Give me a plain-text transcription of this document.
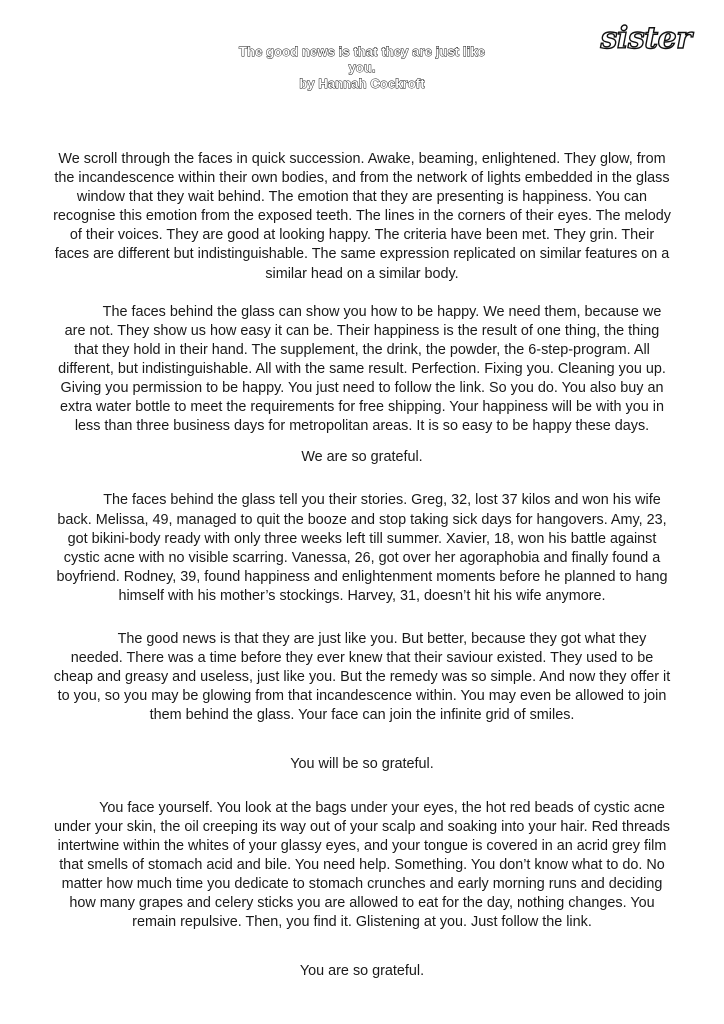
sister
The good news is that they are just like
you.
by Hannah Cockroft

We scroll through the faces in quick succession. Awake, beaming, enlightened. They glow, from the incandescence within their own bodies, and from the network of lights embedded in the glass window that they wait behind. The emotion that they are presenting is happiness. You can recognise this emotion from the exposed teeth. The lines in the corners of their eyes. The melody of their voices. They are good at looking happy. The criteria have been met. They grin. Their faces are different but indistinguishable. The same expression replicated on similar features on a similar head on a similar body.

The faces behind the glass can show you how to be happy. We need them, because we are not. They show us how easy it can be. Their happiness is the result of one thing, the thing that they hold in their hand. The supplement, the drink, the powder, the 6-step-program. All different, but indistinguishable. All with the same result. Perfection. Fixing you. Cleaning you up. Giving you permission to be happy. You just need to follow the link. So you do. You also buy an extra water bottle to meet the requirements for free shipping. Your happiness will be with you in less than three business days for metropolitan areas. It is so easy to be happy these days.

We are so grateful.

The faces behind the glass tell you their stories. Greg, 32, lost 37 kilos and won his wife back. Melissa, 49, managed to quit the booze and stop taking sick days for hangovers. Amy, 23, got bikini-body ready with only three weeks left till summer. Xavier, 18, won his battle against cystic acne with no visible scarring. Vanessa, 26, got over her agoraphobia and finally found a boyfriend. Rodney, 39, found happiness and enlightenment moments before he planned to hang himself with his mother’s stockings. Harvey, 31, doesn’t hit his wife anymore.

The good news is that they are just like you. But better, because they got what they needed. There was a time before they ever knew that their saviour existed. They used to be cheap and greasy and useless, just like you. But the remedy was so simple. And now they offer it to you, so you may be glowing from that incandescence within. You may even be allowed to join them behind the glass. Your face can join the infinite grid of smiles.

You will be so grateful.

You face yourself. You look at the bags under your eyes, the hot red beads of cystic acne under your skin, the oil creeping its way out of your scalp and soaking into your hair. Red threads intertwine within the whites of your glassy eyes, and your tongue is covered in an acrid grey film that smells of stomach acid and bile. You need help. Something. You don’t know what to do. No matter how much time you dedicate to stomach crunches and early morning runs and deciding how many grapes and celery sticks you are allowed to eat for the day, nothing changes. You remain repulsive. Then, you find it. Glistening at you. Just follow the link.

You are so grateful.
